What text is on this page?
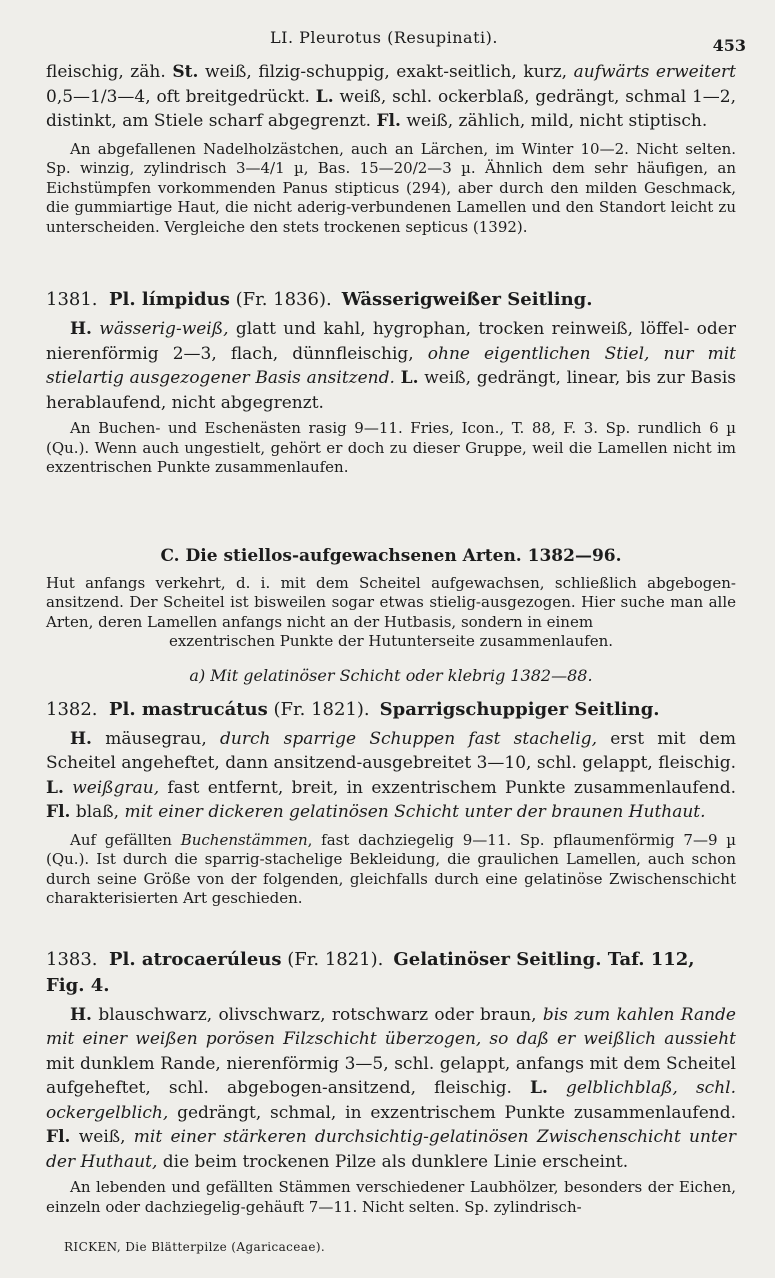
LI. Pleurotus (Resupinati).	453

fleischig, zäh. St. weiß, filzig-schuppig, exakt-seitlich, kurz, aufwärts erweitert 0,5—1/3—4, oft breitgedrückt. L. weiß, schl. ockerblaß, gedrängt, schmal 1—2, distinkt, am Stiele scharf abgegrenzt. Fl. weiß, zählich, mild, nicht stiptisch.

An abgefallenen Nadelholzästchen, auch an Lärchen, im Winter 10—2. Nicht selten. Sp. winzig, zylindrisch 3—4/1 µ, Bas. 15—20/2—3 µ. Ähnlich dem sehr häufigen, an Eichstümpfen vorkommenden Panus stipticus (294), aber durch den milden Geschmack, die gummiartige Haut, die nicht aderig-verbundenen Lamellen und den Standort leicht zu unterscheiden. Vergleiche den stets trockenen septicus (1392).

1381. Pl. límpidus (Fr. 1836). Wässerigweißer Seitling.

H. wässerig-weiß, glatt und kahl, hygrophan, trocken reinweiß, löffel- oder nierenförmig 2—3, flach, dünnfleischig, ohne eigentlichen Stiel, nur mit stielartig ausgezogener Basis ansitzend. L. weiß, gedrängt, linear, bis zur Basis herablaufend, nicht abgegrenzt.

An Buchen- und Eschenästen rasig 9—11. Fries, Icon., T. 88, F. 3. Sp. rundlich 6 µ (Qu.). Wenn auch ungestielt, gehört er doch zu dieser Gruppe, weil die Lamellen nicht im exzentrischen Punkte zusammenlaufen.

C. Die stiellos-aufgewachsenen Arten. 1382—96.

Hut anfangs verkehrt, d. i. mit dem Scheitel aufgewachsen, schließlich abgebogen-ansitzend. Der Scheitel ist bisweilen sogar etwas stielig-ausgezogen. Hier suche man alle Arten, deren Lamellen anfangs nicht an der Hutbasis, sondern in einem

exzentrischen Punkte der Hutunterseite zusammenlaufen.

a) Mit gelatinöser Schicht oder klebrig 1382—88.
1382. Pl. mastrucátus (Fr. 1821). Sparrigschuppiger Seitling.

H. mäusegrau, durch sparrige Schuppen fast stachelig, erst mit dem Scheitel angeheftet, dann ansitzend-ausgebreitet 3—10, schl. gelappt, fleischig. L. weißgrau, fast entfernt, breit, in exzentrischem Punkte zusammenlaufend. Fl. blaß, mit einer dickeren gelatinösen Schicht unter der braunen Huthaut.

Auf gefällten Buchenstämmen, fast dachziegelig 9—11. Sp. pflaumenförmig 7—9 µ (Qu.). Ist durch die sparrig-stachelige Bekleidung, die graulichen Lamellen, auch schon durch seine Größe von der folgenden, gleichfalls durch eine gelatinöse Zwischenschicht charakterisierten Art geschieden.

1383. Pl. atrocaerúleus (Fr. 1821). Gelatinöser Seitling. Taf. 112, Fig. 4.

H. blauschwarz, olivschwarz, rotschwarz oder braun, bis zum kahlen Rande mit einer weißen porösen Filzschicht überzogen, so daß er weißlich aussieht mit dunklem Rande, nierenförmig 3—5, schl. gelappt, anfangs mit dem Scheitel aufgeheftet, schl. abgebogen-ansitzend, fleischig. L. gelblichblaß, schl. ockergelblich, gedrängt, schmal, in exzentrischem Punkte zusammenlaufend. Fl. weiß, mit einer stärkeren durchsichtig-gelatinösen Zwischenschicht unter der Huthaut, die beim trockenen Pilze als dunklere Linie erscheint.

An lebenden und gefällten Stämmen verschiedener Laubhölzer, besonders der Eichen, einzeln oder dachziegelig-gehäuft 7—11. Nicht selten. Sp. zylindrisch-

RICKEN, Die Blätterpilze (Agaricaceae).
